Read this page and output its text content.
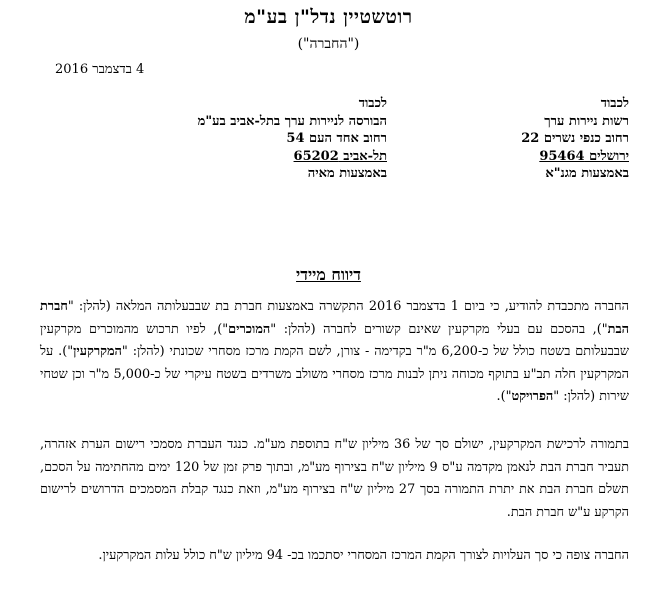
רוטשטיין נדל"ן בע"מ
("החברה")
4 בדצמבר 2016
לכבוד
רשות ניירות ערך
רחוב כנפי נשרים 22
ירושלים 95464
באמצעות מגנ"א
לכבוד
הבורסה לניירות ערך בתל-אביב בע"מ
רחוב אחד העם 54
תל-אביב 65202
באמצעות מאיה
דיווח מיידי
החברה מתכבדת להודיע, כי ביום 1 בדצמבר 2016 התקשרה באמצעות חברת בת שבבעלותה המלאה (להלן: "חברת הבת"), בהסכם עם בעלי מקרקעין שאינם קשורים לחברה (להלן: "המוכרים"), לפיו תרכוש מהמוכרים מקרקעין שבבעלותם בשטח כולל של כ-6,200 מ"ר בקדימה - צורן, לשם הקמת מרכז מסחרי שכונתי (להלן: "המקרקעין"). על המקרקעין חלה תב"ע בתוקף מכוחה ניתן לבנות מרכז מסחרי משולב משרדים בשטח עיקרי של כ-5,000 מ"ר וכן שטחי שירות (להלן: "הפרויקט").
בתמורה לרכישת המקרקעין, ישולם סך של 36 מיליון ש"ח בתוספת מע"מ. כנגד העברת מסמכי רישום הערת אזהרה, תעביר חברת הבת לנאמן מקדמה ע"ס 9 מיליון ש"ח בצירוף מע"מ, ובתוך פרק זמן של 120 ימים מהחתימה על הסכם, תשלם חברת הבת את יתרת התמורה בסך 27 מיליון ש"ח בצירוף מע"מ, וזאת כנגד קבלת המסמכים הדרושים לרישום הקרקע ע"ש חברת הבת.
החברה צופה כי סך העלויות לצורך הקמת המרכז המסחרי יסתכמו בכ- 94 מיליון ש"ח כולל עלות המקרקעין.
